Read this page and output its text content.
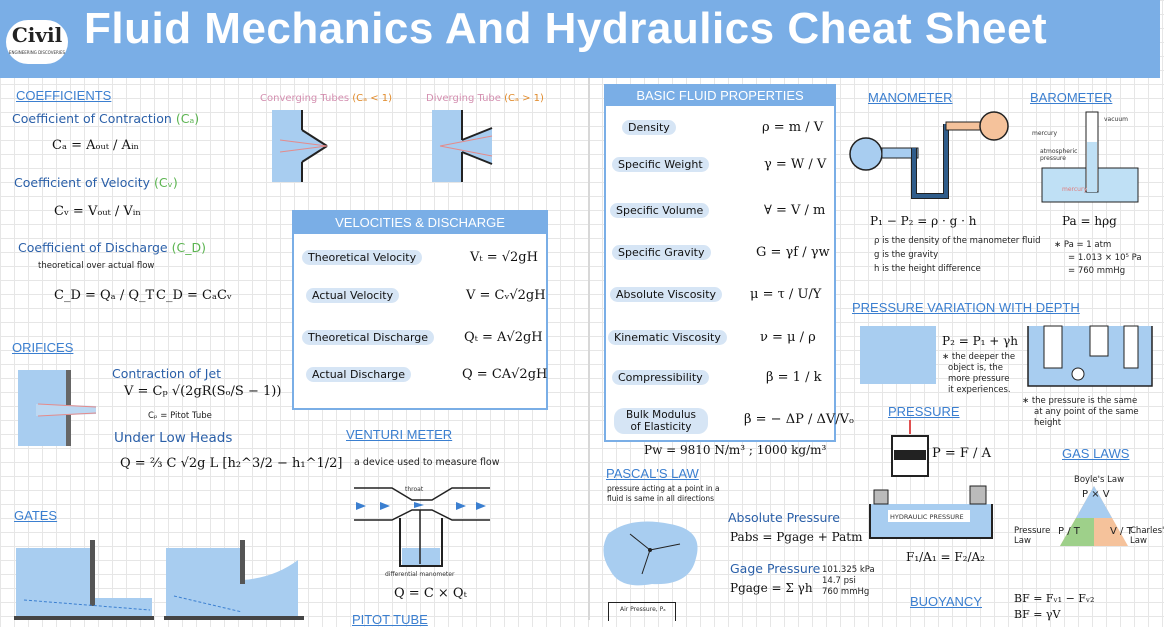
Civil
ENGINEERING DISCOVERIES Fluid Mechanics And Hydraulics Cheat Sheet
COEFFICIENTS
Coefficient of Contraction (Cₐ)
Cₐ = Aₒᵤₜ / Aᵢₙ
Coefficient of Velocity (Cᵥ)
Cᵥ = Vₒᵤₜ / Vᵢₙ
Coefficient of Discharge (C_D)
theoretical over actual flow
C_D = Qₐ / Q_T C_D = CₐCᵥ
Converging Tubes (Cₐ < 1)	Diverging Tube (Cₐ > 1)
ORIFICES
Contraction of Jet
V = Cₚ √(2gR(Sₒ/S − 1))
Cₚ = Pitot Tube
Under Low Heads
Q = ⅔ C √2g L [h₂^3/2 − h₁^1/2]
GATES
VELOCITIES & DISCHARGE
Theoretical Velocity	Vₜ = √2gH
Actual Velocity	V = Cᵥ√2gH
Theoretical Discharge	Qₜ = A√2gH
Actual Discharge	Q = CA√2gH
VENTURI METER
a device used to measure flow
throat
differential manometer
Q = C × Qₜ
PITOT TUBE
BASIC FLUID PROPERTIES
Density	ρ = m / V
Specific Weight	γ = W / V
Specific Volume	∀ = V / m
Specific Gravity	G = γf / γw
Absolute Viscosity	μ = τ / U/Y
Kinematic Viscosity	ν = μ / ρ
Compressibility	β = 1 / k
Bulk Modulus of Elasticity	β = − ΔP / ΔV/Vₒ
Pw = 9810 N/m³ ; 1000 kg/m³
PASCAL'S LAW
pressure acting at a point in a
fluid is same in all directions
Absolute Pressure
Pabs = Pgage + Patm
101.325 kPa
14.7 psi
760 mmHg
Gage Pressure
Pgage = Σ γh
Air Pressure, Pₐ
MANOMETER
P₁ − P₂ = ρ · g · h
ρ is the density of the manometer fluid
g is the gravity
h is the height difference
BAROMETER
vacuum
mercury
atmospheric pressure
mercury
Pa = hρg
∗ Pa = 1 atm
= 1.013 × 10⁵ Pa
= 760 mmHg
PRESSURE VARIATION WITH DEPTH
P₂ = P₁ + γh
∗ the deeper the
object is, the
more pressure
it experiences.
∗ the pressure is the same
at any point of the same
height
PRESSURE
P = F / A
HYDRAULIC PRESSURE
F₁/A₁ = F₂/A₂
GAS LAWS
Boyle's Law
P × V
Pressure Law
P / T	V / T
Charles' Law
BUOYANCY	BF = Fᵥ₁ − Fᵥ₂
BF = γV
